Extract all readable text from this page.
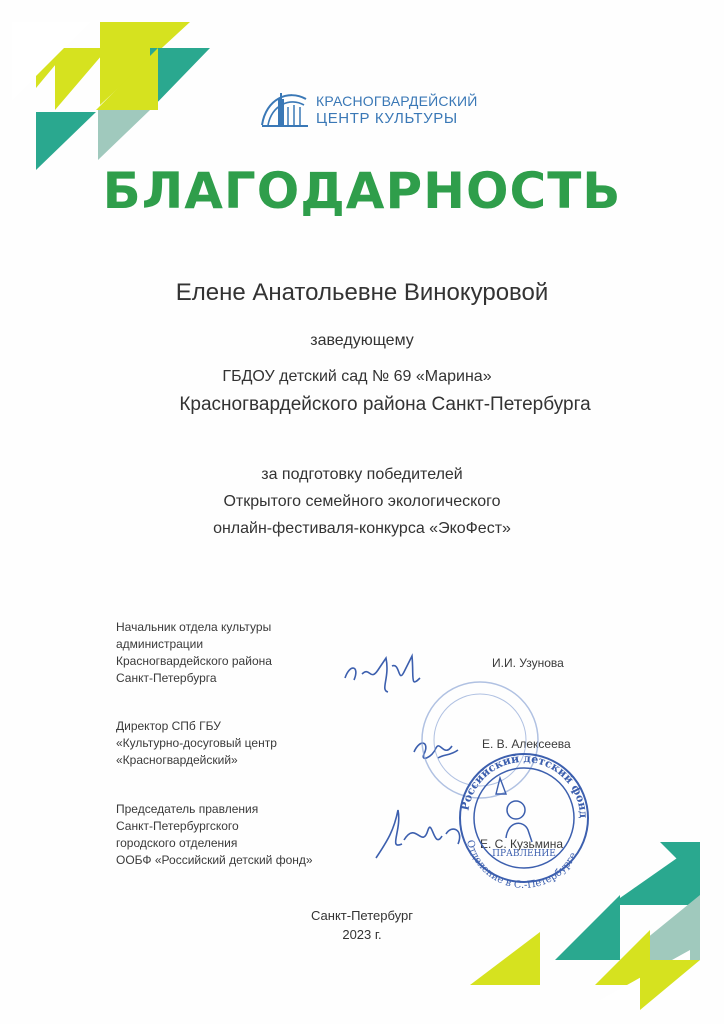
КРАСНОГВАРДЕЙСКИЙ
ЦЕНТР КУЛЬТУРЫ
БЛАГОДАРНОСТЬ
Елене Анатольевне Винокуровой
заведующему
ГБДОУ детский сад № 69 «Марина»
Красногвардейского района Санкт-Петербурга
за подготовку победителей
Открытого семейного экологического
онлайн-фестиваля-конкурса «ЭкоФест»
Начальник отдела культуры
администрации
Красногвардейского района
Санкт-Петербурга
И.И. Узунова
Директор СПб ГБУ
«Культурно-досуговый центр
«Красногвардейский»
Е. В. Алексеева
Председатель правления
Санкт-Петербургского
городского отделения
ООБФ «Российский детский фонд»
Е. С. Кузьмина
Российский детский фонд
Отделение в С.-Петербурге
ПРАВЛЕНИЕ
Санкт-Петербург
2023 г.
